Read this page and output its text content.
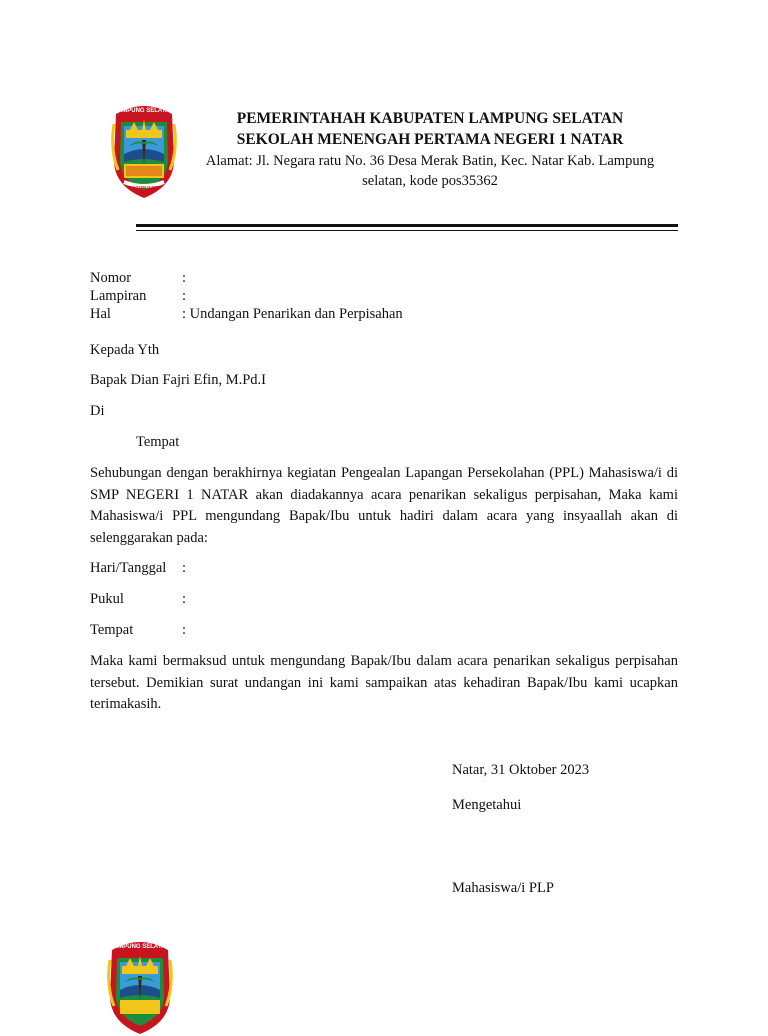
LAMPUNG SELATAN
RAGOM GAWI
PEMERINTAHAH KABUPATEN LAMPUNG SELATAN
SEKOLAH MENENGAH PERTAMA NEGERI 1 NATAR
Alamat: Jl. Negara ratu No. 36 Desa Merak Batin, Kec. Natar Kab. Lampung
selatan, kode pos35362
Nomor	:
Lampiran :
Hal	: Undangan Penarikan dan Perpisahan
Kepada Yth
Bapak Dian Fajri Efin, M.Pd.I
Di
Tempat
Sehubungan dengan berakhirnya kegiatan Pengealan Lapangan Persekolahan (PPL) Mahasiswa/i di SMP NEGERI 1 NATAR akan diadakannya acara penarikan sekaligus perpisahan, Maka kami Mahasiswa/i PPL mengundang Bapak/Ibu untuk hadiri dalam acara yang insyaallah akan di selenggarakan pada:
Hari/Tanggal :
Pukul	:
Tempat	:
Maka kami bermaksud untuk mengundang Bapak/Ibu dalam acara penarikan sekaligus perpisahan tersebut. Demikian surat undangan ini kami sampaikan atas kehadiran Bapak/Ibu kami ucapkan terimakasih.
Natar, 31 Oktober 2023
Mengetahui
Mahasiswa/i PLP
LAMPUNG SELATAN
